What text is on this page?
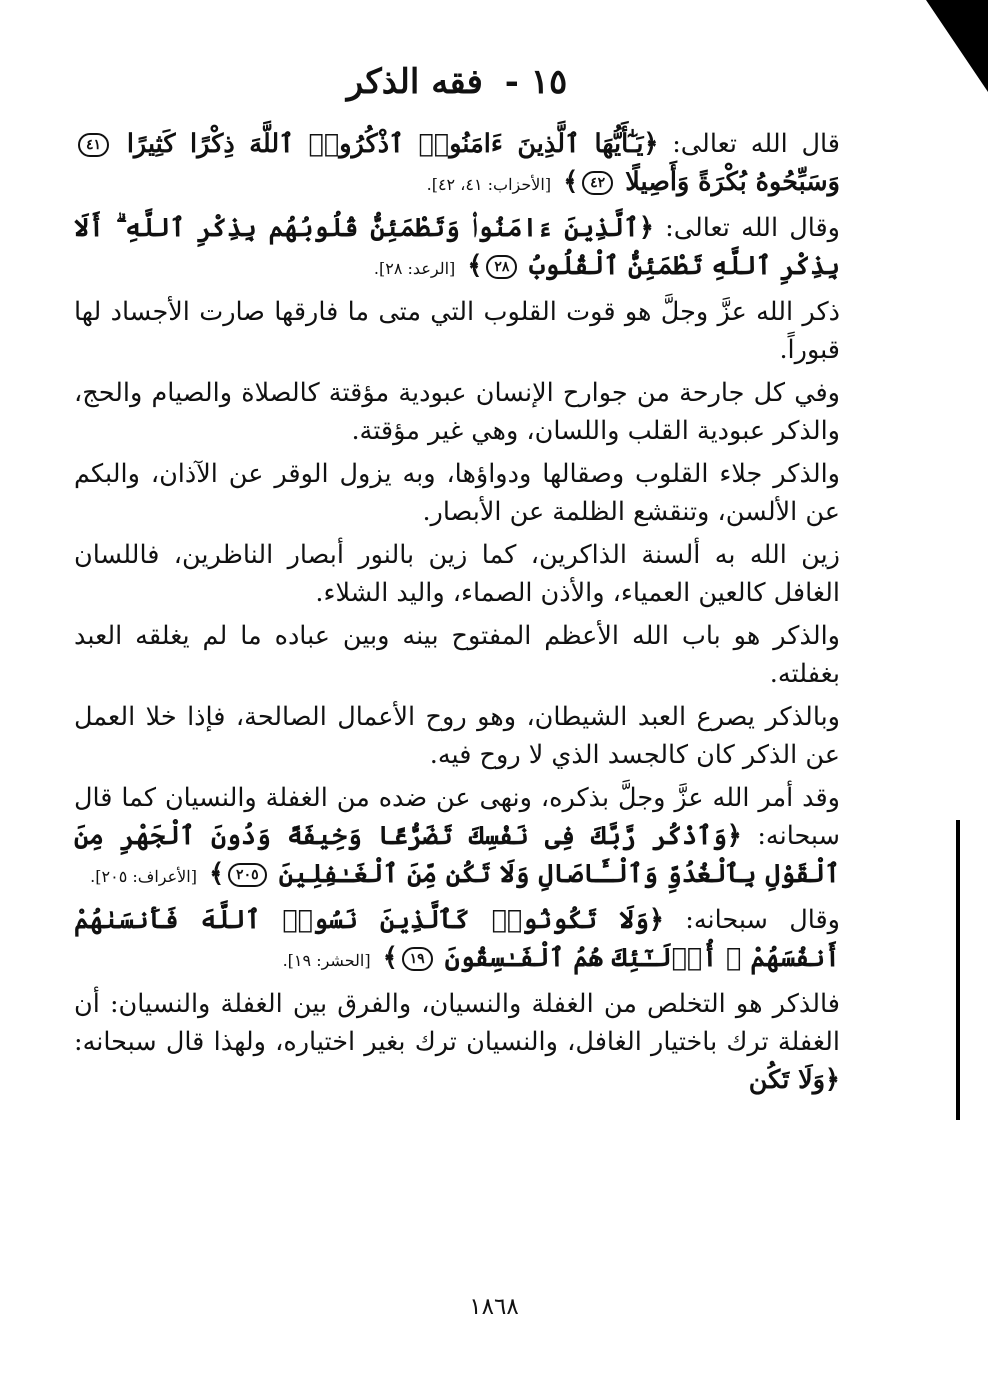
١٥ - فقه الذكر

قال الله تعالى: ﴿يَـٰٓأَيُّهَا ٱلَّذِينَ ءَامَنُوا۟ ٱذْكُرُوا۟ ٱللَّهَ ذِكْرًا كَثِيرًا ٤١ وَسَبِّحُوهُ بُكْرَةً وَأَصِيلًا ٤٢﴾ [الأحزاب: ٤١، ٤٢].

وقال الله تعالى: ﴿ٱلَّذِينَ ءَامَنُوا۟ وَتَطْمَئِنُّ قُلُوبُهُم بِذِكْرِ ٱللَّهِ ۗ أَلَا بِذِكْرِ ٱللَّهِ تَطْمَئِنُّ ٱلْقُلُوبُ ٢٨﴾ [الرعد: ٢٨].

ذكر الله عزَّ وجلَّ هو قوت القلوب التي متى ما فارقها صارت الأجساد لها قبوراً.

وفي كل جارحة من جوارح الإنسان عبودية مؤقتة كالصلاة والصيام والحج، والذكر عبودية القلب واللسان، وهي غير مؤقتة.

والذكر جلاء القلوب وصقالها ودواؤها، وبه يزول الوقر عن الآذان، والبكم عن الألسن، وتنقشع الظلمة عن الأبصار.

زين الله به ألسنة الذاكرين، كما زين بالنور أبصار الناظرين، فاللسان الغافل كالعين العمياء، والأذن الصماء، واليد الشلاء.

والذكر هو باب الله الأعظم المفتوح بينه وبين عباده ما لم يغلقه العبد بغفلته.

وبالذكر يصرع العبد الشيطان، وهو روح الأعمال الصالحة، فإذا خلا العمل عن الذكر كان كالجسد الذي لا روح فيه.

وقد أمر الله عزَّ وجلَّ بذكره، ونهى عن ضده من الغفلة والنسيان كما قال سبحانه: ﴿وَٱذْكُر رَّبَّكَ فِى نَفْسِكَ تَضَرُّعًا وَخِيفَةً وَدُونَ ٱلْجَهْرِ مِنَ ٱلْقَوْلِ بِٱلْغُدُوِّ وَٱلْـَٔاصَالِ وَلَا تَكُن مِّنَ ٱلْغَـٰفِلِينَ ٢٠٥﴾ [الأعراف: ٢٠٥].

وقال سبحانه: ﴿وَلَا تَكُونُوا۟ كَٱلَّذِينَ نَسُوا۟ ٱللَّهَ فَأَنسَىٰهُمْ أَنفُسَهُمْ ۚ أُو۟لَـٰٓئِكَ هُمُ ٱلْفَـٰسِقُونَ ١٩﴾ [الحشر: ١٩].

فالذكر هو التخلص من الغفلة والنسيان، والفرق بين الغفلة والنسيان: أن الغفلة ترك باختيار الغافل، والنسيان ترك بغير اختياره، ولهذا قال سبحانه: ﴿وَلَا تَكُن

١٨٦٨
